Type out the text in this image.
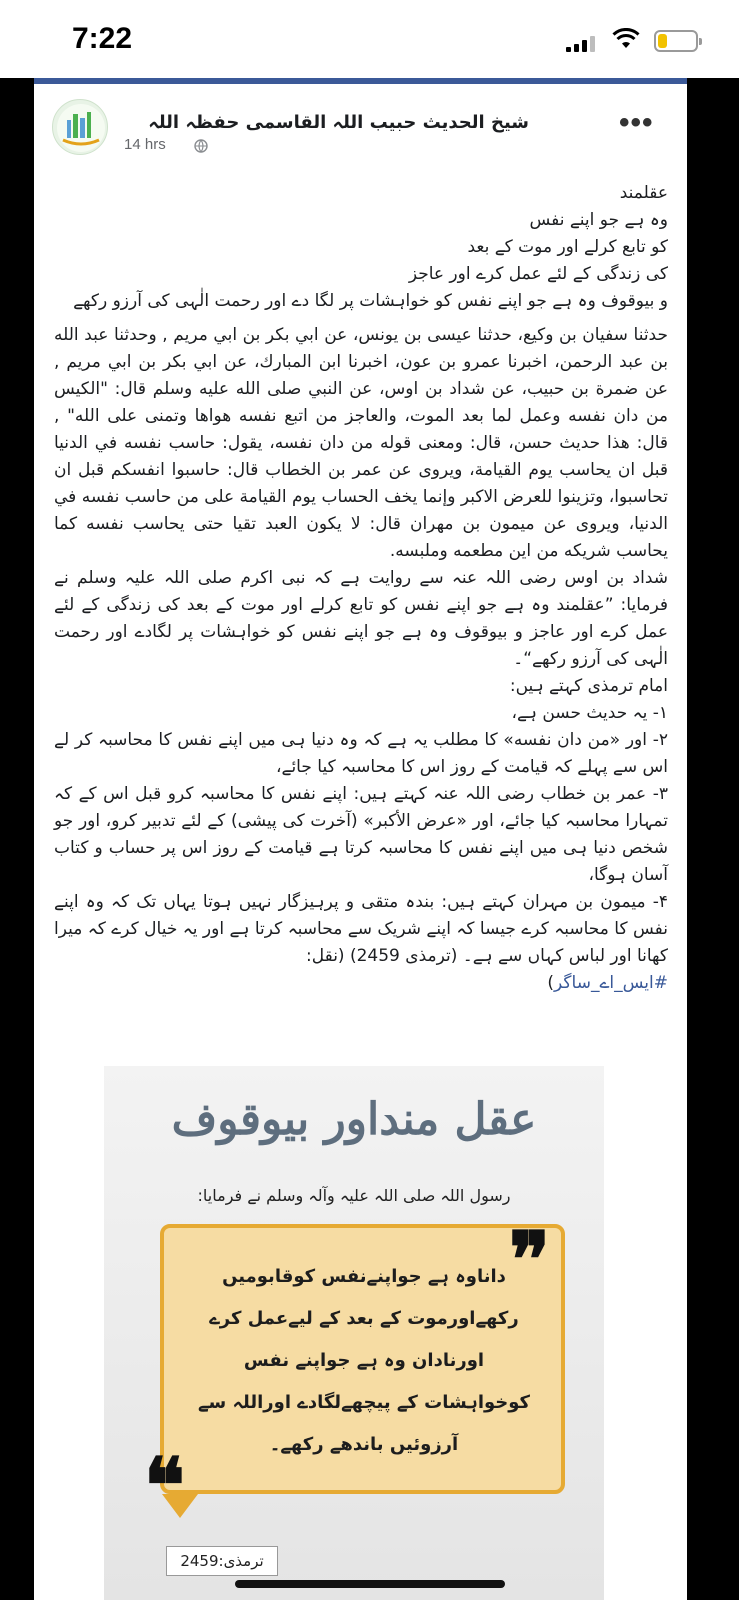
7:22
شیخ الحدیث حبیب اللہ القاسمی حفظہ اللہ
14 hrs
•••

عقلمند

وہ ہے جو اپنے نفس

کو تابع کرلے اور موت کے بعد

کی زندگی کے لئے عمل کرے اور عاجز

و بیوقوف وہ ہے جو اپنے نفس کو خواہشات پر لگا دے اور رحمت الٰہی کی آرزو رکھے

حدثنا سفيان بن وكيع، حدثنا عيسى بن يونس، عن ابي بكر بن ابي مريم , وحدثنا عبد الله بن عبد الرحمن، اخبرنا عمرو بن عون، اخبرنا ابن المبارك، عن ابي بكر بن ابي مريم , عن ضمرة بن حبيب، عن شداد بن اوس، عن النبي صلى الله عليه وسلم قال: "الكيس من دان نفسه وعمل لما بعد الموت، والعاجز من اتبع نفسه هواها وتمنى على الله" , قال: هذا حديث حسن، قال: ومعنى قوله من دان نفسه، يقول: حاسب نفسه في الدنيا قبل ان يحاسب يوم القيامة، ويروى عن عمر بن الخطاب قال: حاسبوا انفسكم قبل ان تحاسبوا، وتزينوا للعرض الاكبر وإنما يخف الحساب يوم القيامة على من حاسب نفسه في الدنيا، ويروى عن ميمون بن مهران قال: لا يكون العبد تقيا حتى يحاسب نفسه كما يحاسب شريكه من اين مطعمه وملبسه.

شداد بن اوس رضی اللہ عنہ سے روایت ہے کہ نبی اکرم صلی اللہ علیہ وسلم نے فرمایا: ”عقلمند وہ ہے جو اپنے نفس کو تابع کرلے اور موت کے بعد کی زندگی کے لئے عمل کرے اور عاجز و بیوقوف وہ ہے جو اپنے نفس کو خواہشات پر لگادے اور رحمت الٰہی کی آرزو رکھے“۔

امام ترمذی کہتے ہیں:

۱- یہ حدیث حسن ہے،

۲- اور «من دان نفسه» کا مطلب یہ ہے کہ وہ دنیا ہی میں اپنے نفس کا محاسبہ کر لے اس سے پہلے کہ قیامت کے روز اس کا محاسبہ کیا جائے،

۳- عمر بن خطاب رضی اللہ عنہ کہتے ہیں: اپنے نفس کا محاسبہ کرو قبل اس کے کہ تمہارا محاسبہ کیا جائے، اور «عرض الأكبر» (آخرت کی پیشی) کے لئے تدبیر کرو، اور جو شخص دنیا ہی میں اپنے نفس کا محاسبہ کرتا ہے قیامت کے روز اس پر حساب و کتاب آسان ہوگا،

۴- میمون بن مہران کہتے ہیں: بندہ متقی و پرہیزگار نہیں ہوتا یہاں تک کہ وہ اپنے نفس کا محاسبہ کرے جیسا کہ اپنے شریک سے محاسبہ کرتا ہے اور یہ خیال کرے کہ میرا کھانا اور لباس کہاں سے ہے۔ (ترمذی 2459) (نقل:

#ایس_اے_ساگر)

عقل منداور بیوقوف
رسول اللہ صلی اللہ علیہ وآلہ وسلم نے فرمایا:
داناوہ ہے جواپنےنفس کوقابومیں رکھےاورموت کے بعد کے لیےعمل کرے اورنادان وہ ہے جواپنے نفس کوخواہشات کے پیچھےلگادے اوراللہ سے آرزوئیں باندھے رکھے۔
❞
❝
ترمذی:2459
